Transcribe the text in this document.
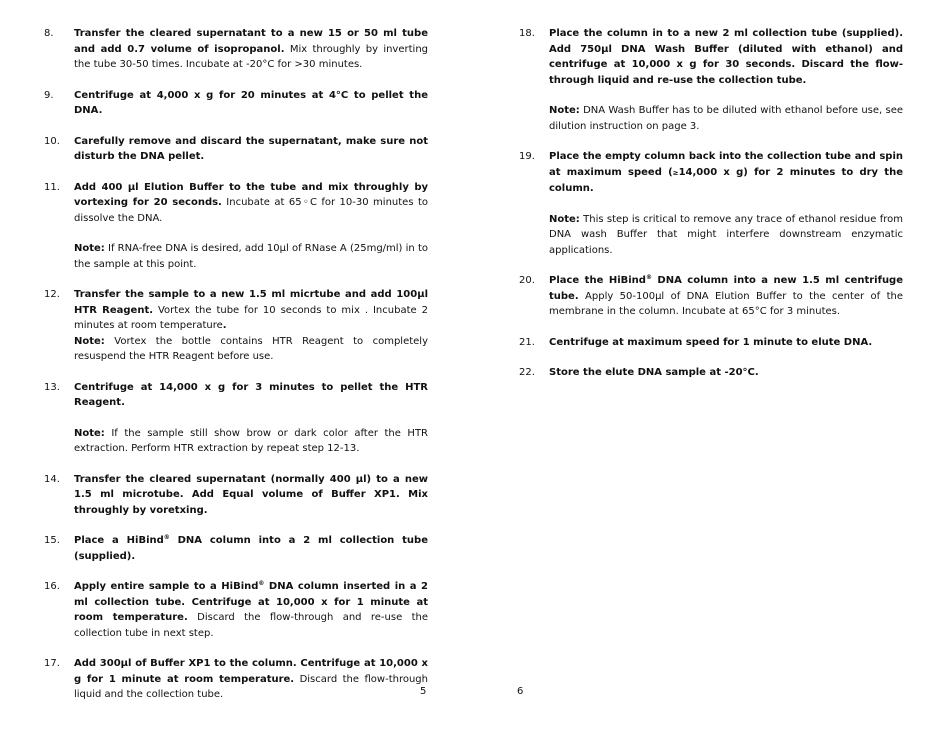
8. Transfer the cleared supernatant to a new 15 or 50 ml tube and add 0.7 volume of isopropanol. Mix throughly by inverting the tube 30-50 times. Incubate at -20°C for >30 minutes.
9. Centrifuge at 4,000 x g for 20 minutes at 4°C to pellet the DNA.
10. Carefully remove and discard the supernatant, make sure not disturb the DNA pellet.
11. Add 400 µl Elution Buffer to the tube and mix throughly by vortexing for 20 seconds. Incubate at 65◦C for 10-30 minutes to dissolve the DNA.
Note: If RNA-free DNA is desired, add 10µl of RNase A (25mg/ml) in to the sample at this point.
12. Transfer the sample to a new 1.5 ml micrtube and add 100µl HTR Reagent. Vortex the tube for 10 seconds to mix . Incubate 2 minutes at room temperature.
Note: Vortex the bottle contains HTR Reagent to completely resuspend the HTR Reagent before use.
13. Centrifuge at 14,000 x g for 3 minutes to pellet the HTR Reagent.
Note: If the sample still show brow or dark color after the HTR extraction. Perform HTR extraction by repeat step 12-13.
14. Transfer the cleared supernatant (normally 400 µl) to a new 1.5 ml microtube. Add Equal volume of Buffer XP1. Mix throughly by voretxing.
15. Place a HiBind® DNA column into a 2 ml collection tube (supplied).
16. Apply entire sample to a HiBind® DNA column inserted in a 2 ml collection tube. Centrifuge at 10,000 x for 1 minute at room temperature. Discard the flow-through and re-use the collection tube in next step.
17. Add 300µl of Buffer XP1 to the column. Centrifuge at 10,000 x g for 1 minute at room temperature. Discard the flow-through liquid and the collection tube.
18. Place the column in to a new 2 ml collection tube (supplied). Add 750µl DNA Wash Buffer (diluted with ethanol) and centrifuge at 10,000 x g for 30 seconds. Discard the flow-through liquid and re-use the collection tube.
Note: DNA Wash Buffer has to be diluted with ethanol before use, see dilution instruction on page 3.
19. Place the empty column back into the collection tube and spin at maximum speed (≥14,000 x g) for 2 minutes to dry the column.
Note: This step is critical to remove any trace of ethanol residue from DNA wash Buffer that might interfere downstream enzymatic applications.
20. Place the HiBind® DNA column into a new 1.5 ml centrifuge tube. Apply 50-100µl of DNA Elution Buffer to the center of the membrane in the column. Incubate at 65°C for 3 minutes.
21. Centrifuge at maximum speed for 1 minute to elute DNA.
22. Store the elute DNA sample at -20°C.
5	6
